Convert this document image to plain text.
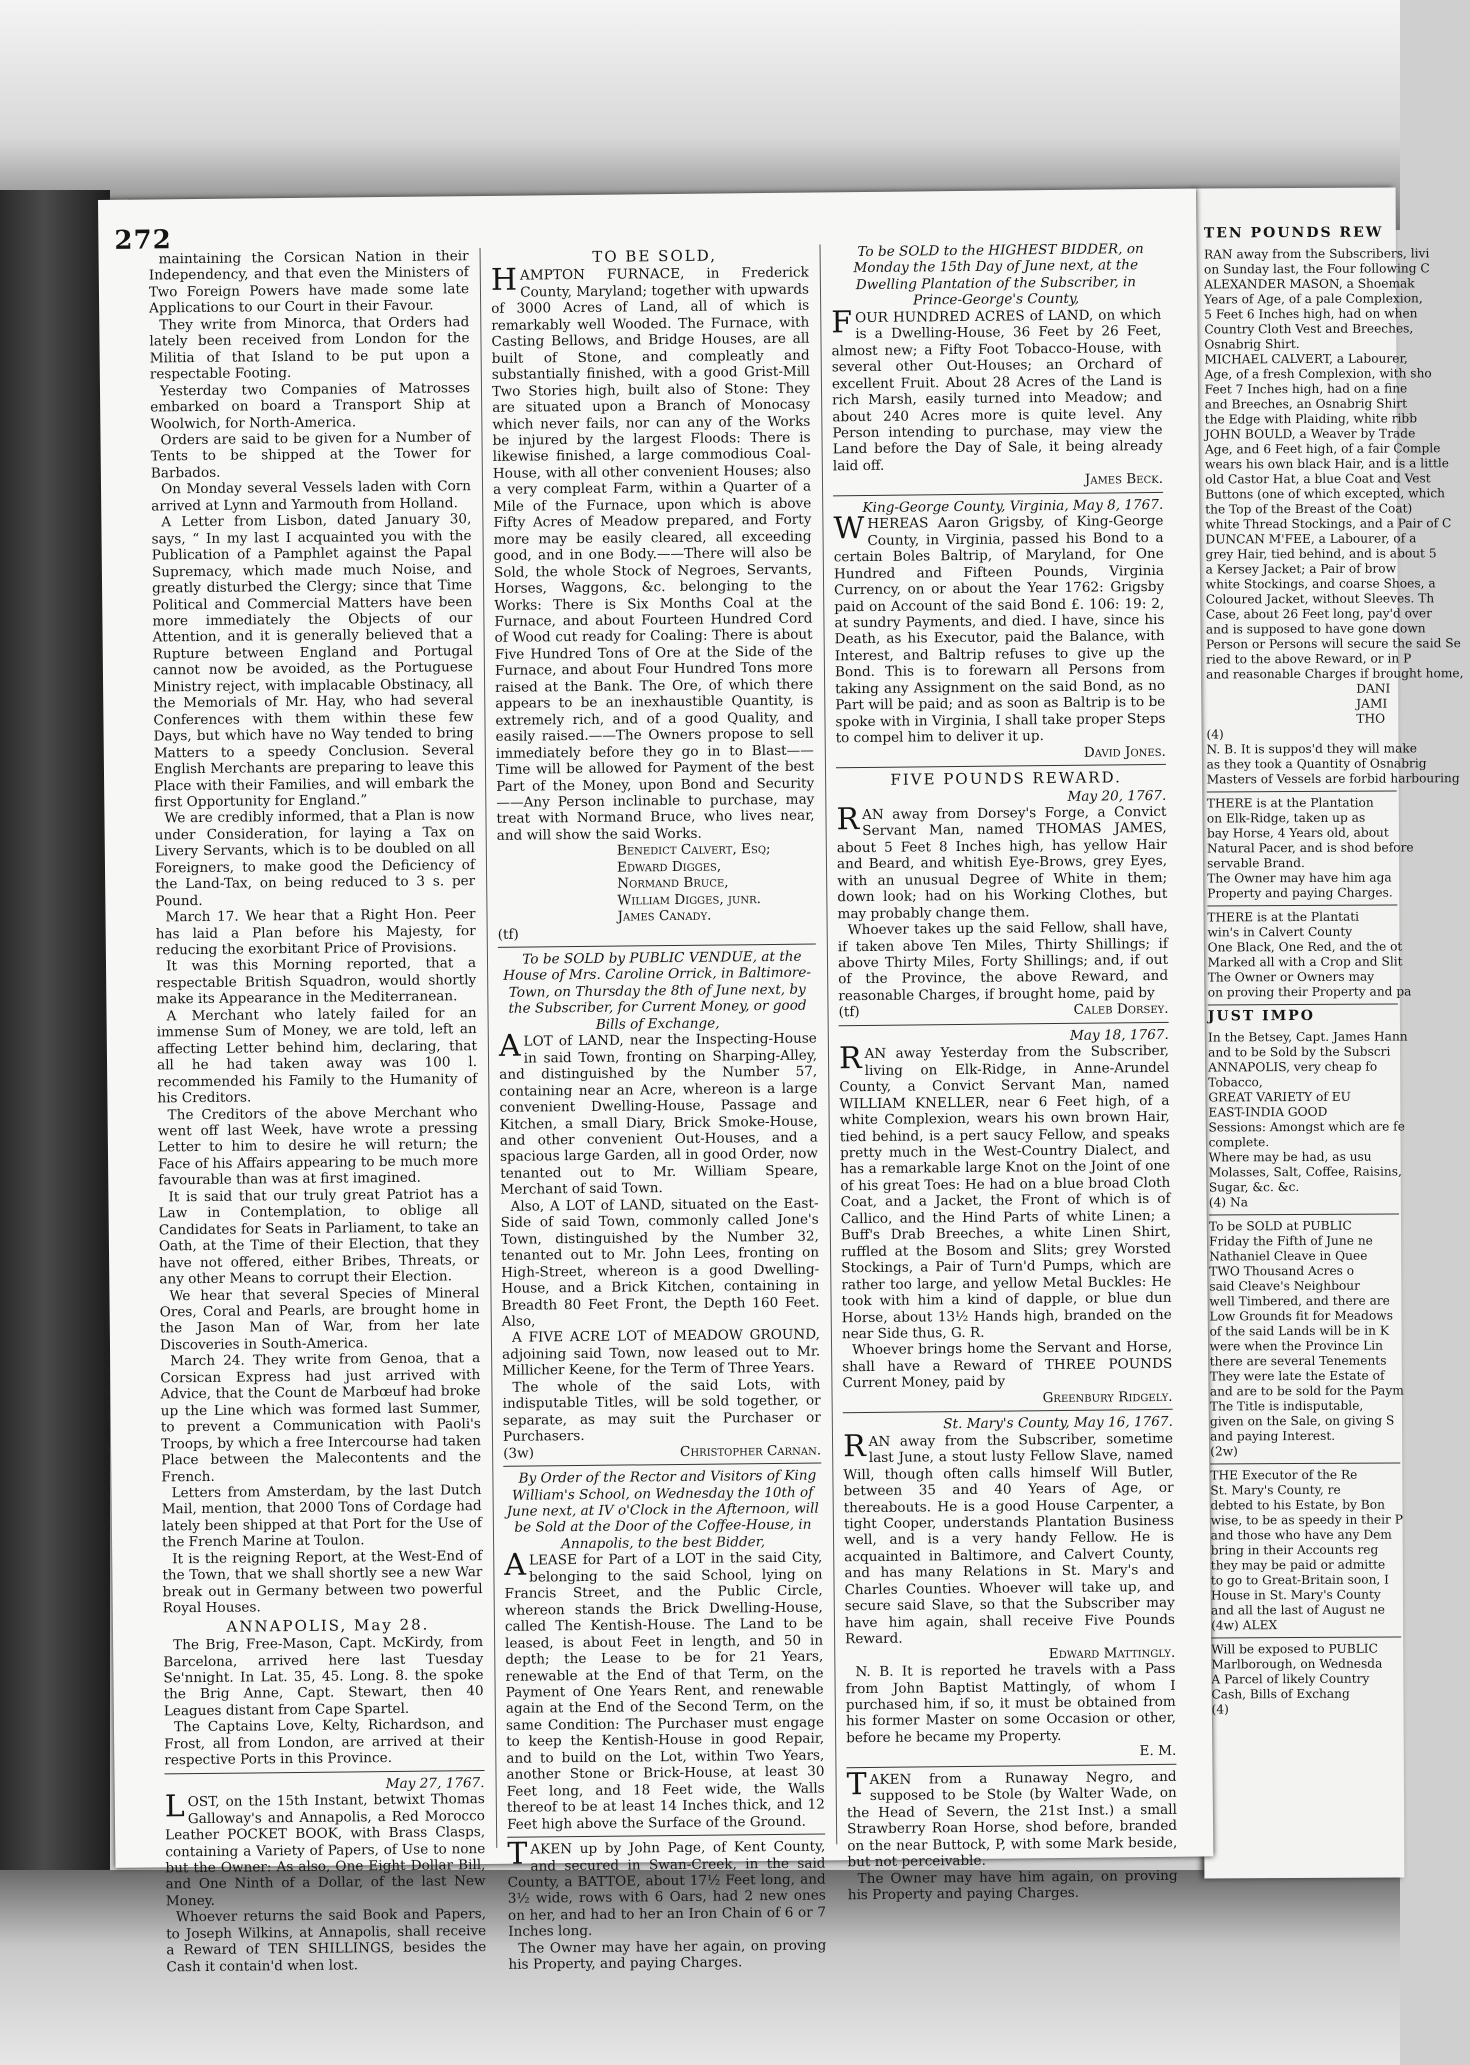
TEN POUNDS REW

RAN away from the Subscribers, livi

on Sunday last, the Four following C

ALEXANDER MASON, a Shoemak

Years of Age, of a pale Complexion,

5 Feet 6 Inches high, had on when

Country Cloth Vest and Breeches,

Osnabrig Shirt.

MICHAEL CALVERT, a Labourer,

Age, of a fresh Complexion, with sho

Feet 7 Inches high, had on a fine

and Breeches, an Osnabrig Shirt

the Edge with Plaiding, white ribb

JOHN BOULD, a Weaver by Trade

Age, and 6 Feet high, of a fair Comple

wears his own black Hair, and is a little

old Castor Hat, a blue Coat and Vest

Buttons (one of which excepted, which

the Top of the Breast of the Coat)

white Thread Stockings, and a Pair of C

DUNCAN M'FEE, a Labourer, of a

grey Hair, tied behind, and is about 5

a Kersey Jacket; a Pair of brow

white Stockings, and coarse Shoes, a

Coloured Jacket, without Sleeves. Th

Case, about 26 Feet long, pay'd over

and is supposed to have gone down

Person or Persons will secure the said Se

ried to the above Reward, or in P

and reasonable Charges if brought home,

DANI

JAMI

THO

(4)

N. B. It is suppos'd they will make

as they took a Quantity of Osnabrig

Masters of Vessels are forbid harbouring

THERE is at the Plantation

on Elk-Ridge, taken up as

bay Horse, 4 Years old, about

Natural Pacer, and is shod before

servable Brand.

The Owner may have him aga

Property and paying Charges.

THERE is at the Plantati

win's in Calvert County

One Black, One Red, and the ot

Marked all with a Crop and Slit

The Owner or Owners may

on proving their Property and pa

JUST IMPO

In the Betsey, Capt. James Hann

and to be Sold by the Subscri

ANNAPOLIS, very cheap fo

Tobacco,

GREAT VARIETY of EU

EAST-INDIA GOOD

Sessions: Amongst which are fe

complete.

Where may be had, as usu

Molasses, Salt, Coffee, Raisins,

Sugar, &c. &c.

(4) Na

To be SOLD at PUBLIC

Friday the Fifth of June ne

Nathaniel Cleave in Quee

TWO Thousand Acres o

said Cleave's Neighbour

well Timbered, and there are

Low Grounds fit for Meadows

of the said Lands will be in K

were when the Province Lin

there are several Tenements

They were late the Estate of

and are to be sold for the Paym

The Title is indisputable,

given on the Sale, on giving S

and paying Interest.

(2w)

THE Executor of the Re

St. Mary's County, re

debted to his Estate, by Bon

wise, to be as speedy in their P

and those who have any Dem

bring in their Accounts reg

they may be paid or admitte

to go to Great-Britain soon, I

House in St. Mary's County

and all the last of August ne

(4w) ALEX

Will be exposed to PUBLIC

Marlborough, on Wednesda

A Parcel of likely Country

Cash, Bills of Exchang

(4)

272

maintaining the Corsican Nation in their Independency, and that even the Ministers of Two Foreign Powers have made some late Applications to our Court in their Favour.

They write from Minorca, that Orders had lately been received from London for the Militia of that Island to be put upon a respectable Footing.

Yesterday two Companies of Matrosses embarked on board a Transport Ship at Woolwich, for North-America.

Orders are said to be given for a Number of Tents to be shipped at the Tower for Barbados.

On Monday several Vessels laden with Corn arrived at Lynn and Yarmouth from Holland.

A Letter from Lisbon, dated January 30, says, “ In my last I acquainted you with the Publication of a Pamphlet against the Papal Supremacy, which made much Noise, and greatly disturbed the Clergy; since that Time Political and Commercial Matters have been more immediately the Objects of our Attention, and it is generally believed that a Rupture between England and Portugal cannot now be avoided, as the Portuguese Ministry reject, with implacable Obstinacy, all the Memorials of Mr. Hay, who had several Conferences with them within these few Days, but which have no Way tended to bring Matters to a speedy Conclusion. Several English Merchants are preparing to leave this Place with their Families, and will embark the first Opportunity for England.”

We are credibly informed, that a Plan is now under Consideration, for laying a Tax on Livery Servants, which is to be doubled on all Foreigners, to make good the Deficiency of the Land-Tax, on being reduced to 3 s. per Pound.

March 17. We hear that a Right Hon. Peer has laid a Plan before his Majesty, for reducing the exorbitant Price of Provisions.

It was this Morning reported, that a respectable British Squadron, would shortly make its Appearance in the Mediterranean.

A Merchant who lately failed for an immense Sum of Money, we are told, left an affecting Letter behind him, declaring, that all he had taken away was 100 l. recommended his Family to the Humanity of his Creditors.

The Creditors of the above Merchant who went off last Week, have wrote a pressing Letter to him to desire he will return; the Face of his Affairs appearing to be much more favourable than was at first imagined.

It is said that our truly great Patriot has a Law in Contemplation, to oblige all Candidates for Seats in Parliament, to take an Oath, at the Time of their Election, that they have not offered, either Bribes, Threats, or any other Means to corrupt their Election.

We hear that several Species of Mineral Ores, Coral and Pearls, are brought home in the Jason Man of War, from her late Discoveries in South-America.

March 24. They write from Genoa, that a Corsican Express had just arrived with Advice, that the Count de Marbœuf had broke up the Line which was formed last Summer, to prevent a Communication with Paoli's Troops, by which a free Intercourse had taken Place between the Malecontents and the French.

Letters from Amsterdam, by the last Dutch Mail, mention, that 2000 Tons of Cordage had lately been shipped at that Port for the Use of the French Marine at Toulon.

It is the reigning Report, at the West-End of the Town, that we shall shortly see a new War break out in Germany between two powerful Royal Houses.

ANNAPOLIS, May 28.

The Brig, Free-Mason, Capt. McKirdy, from Barcelona, arrived here last Tuesday Se'nnight. In Lat. 35, 45. Long. 8. the spoke the Brig Anne, Capt. Stewart, then 40 Leagues distant from Cape Spartel.

The Captains Love, Kelty, Richardson, and Frost, all from London, are arrived at their respective Ports in this Province.

May 27, 1767.

LOST, on the 15th Instant, betwixt Thomas Galloway's and Annapolis, a Red Morocco Leather POCKET BOOK, with Brass Clasps, containing a Variety of Papers, of Use to none but the Owner: As also, One Eight Dollar Bill, and One Ninth of a Dollar, of the last New Money.

Whoever returns the said Book and Papers, to Joseph Wilkins, at Annapolis, shall receive a Reward of TEN SHILLINGS, besides the Cash it contain'd when lost.

TO BE SOLD,

HAMPTON FURNACE, in Frederick County, Maryland; together with upwards of 3000 Acres of Land, all of which is remarkably well Wooded. The Furnace, with Casting Bellows, and Bridge Houses, are all built of Stone, and compleatly and substantially finished, with a good Grist-Mill Two Stories high, built also of Stone: They are situated upon a Branch of Monocasy which never fails, nor can any of the Works be injured by the largest Floods: There is likewise finished, a large commodious Coal-House, with all other convenient Houses; also a very compleat Farm, within a Quarter of a Mile of the Furnace, upon which is above Fifty Acres of Meadow prepared, and Forty more may be easily cleared, all exceeding good, and in one Body.——There will also be Sold, the whole Stock of Negroes, Servants, Horses, Waggons, &c. belonging to the Works: There is Six Months Coal at the Furnace, and about Fourteen Hundred Cord of Wood cut ready for Coaling: There is about Five Hundred Tons of Ore at the Side of the Furnace, and about Four Hundred Tons more raised at the Bank. The Ore, of which there appears to be an inexhaustible Quantity, is extremely rich, and of a good Quality, and easily raised.——The Owners propose to sell immediately before they go in to Blast——Time will be allowed for Payment of the best Part of the Money, upon Bond and Security——Any Person inclinable to purchase, may treat with Normand Bruce, who lives near, and will show the said Works.

Benedict Calvert, Esq;

Edward Digges,

Normand Bruce,

William Digges, junr.

James Canady.

(tf)

To be SOLD by PUBLIC VENDUE, at the House of Mrs. Caroline Orrick, in Baltimore-Town, on Thursday the 8th of June next, by the Subscriber, for Current Money, or good Bills of Exchange,

ALOT of LAND, near the Inspecting-House in said Town, fronting on Sharping-Alley, and distinguished by the Number 57, containing near an Acre, whereon is a large convenient Dwelling-House, Passage and Kitchen, a small Diary, Brick Smoke-House, and other convenient Out-Houses, and a spacious large Garden, all in good Order, now tenanted out to Mr. William Speare, Merchant of said Town.

Also, A LOT of LAND, situated on the East-Side of said Town, commonly called Jone's Town, distinguished by the Number 32, tenanted out to Mr. John Lees, fronting on High-Street, whereon is a good Dwelling-House, and a Brick Kitchen, containing in Breadth 80 Feet Front, the Depth 160 Feet. Also,

A FIVE ACRE LOT of MEADOW GROUND, adjoining said Town, now leased out to Mr. Millicher Keene, for the Term of Three Years.

The whole of the said Lots, with indisputable Titles, will be sold together, or separate, as may suit the Purchaser or Purchasers.

(3w)	Christopher Carnan.

By Order of the Rector and Visitors of King William's School, on Wednesday the 10th of June next, at IV o'Clock in the Afternoon, will be Sold at the Door of the Coffee-House, in Annapolis, to the best Bidder,

ALEASE for Part of a LOT in the said City, belonging to the said School, lying on Francis Street, and the Public Circle, whereon stands the Brick Dwelling-House, called The Kentish-House. The Land to be leased, is about Feet in length, and 50 in depth; the Lease to be for 21 Years, renewable at the End of that Term, on the Payment of One Years Rent, and renewable again at the End of the Second Term, on the same Condition: The Purchaser must engage to keep the Kentish-House in good Repair, and to build on the Lot, within Two Years, another Stone or Brick-House, at least 30 Feet long, and 18 Feet wide, the Walls thereof to be at least 14 Inches thick, and 12 Feet high above the Surface of the Ground.

TAKEN up by John Page, of Kent County, and secured in Swan-Creek, in the said County, a BATTOE, about 17½ Feet long, and 3½ wide, rows with 6 Oars, had 2 new ones on her, and had to her an Iron Chain of 6 or 7 Inches long.

The Owner may have her again, on proving his Property, and paying Charges.

To be SOLD to the HIGHEST BIDDER, on Monday the 15th Day of June next, at the Dwelling Plantation of the Subscriber, in Prince-George's County,

FOUR HUNDRED ACRES of LAND, on which is a Dwelling-House, 36 Feet by 26 Feet, almost new; a Fifty Foot Tobacco-House, with several other Out-Houses; an Orchard of excellent Fruit. About 28 Acres of the Land is rich Marsh, easily turned into Meadow; and about 240 Acres more is quite level. Any Person intending to purchase, may view the Land before the Day of Sale, it being already laid off.

James Beck.

King-George County, Virginia, May 8, 1767.

WHEREAS Aaron Grigsby, of King-George County, in Virginia, passed his Bond to a certain Boles Baltrip, of Maryland, for One Hundred and Fifteen Pounds, Virginia Currency, on or about the Year 1762: Grigsby paid on Account of the said Bond £. 106: 19: 2, at sundry Payments, and died. I have, since his Death, as his Executor, paid the Balance, with Interest, and Baltrip refuses to give up the Bond. This is to forewarn all Persons from taking any Assignment on the said Bond, as no Part will be paid; and as soon as Baltrip is to be spoke with in Virginia, I shall take proper Steps to compel him to deliver it up.

David Jones.

FIVE POUNDS REWARD.

May 20, 1767.

RAN away from Dorsey's Forge, a Convict Servant Man, named THOMAS JAMES, about 5 Feet 8 Inches high, has yellow Hair and Beard, and whitish Eye-Brows, grey Eyes, with an unusual Degree of White in them; down look; had on his Working Clothes, but may probably change them.

Whoever takes up the said Fellow, shall have, if taken above Ten Miles, Thirty Shillings; if above Thirty Miles, Forty Shillings; and, if out of the Province, the above Reward, and reasonable Charges, if brought home, paid by

(tf)	Caleb Dorsey.

May 18, 1767.

RAN away Yesterday from the Subscriber, living on Elk-Ridge, in Anne-Arundel County, a Convict Servant Man, named WILLIAM KNELLER, near 6 Feet high, of a white Complexion, wears his own brown Hair, tied behind, is a pert saucy Fellow, and speaks pretty much in the West-Country Dialect, and has a remarkable large Knot on the Joint of one of his great Toes: He had on a blue broad Cloth Coat, and a Jacket, the Front of which is of Callico, and the Hind Parts of white Linen; a Buff's Drab Breeches, a white Linen Shirt, ruffled at the Bosom and Slits; grey Worsted Stockings, a Pair of Turn'd Pumps, which are rather too large, and yellow Metal Buckles: He took with him a kind of dapple, or blue dun Horse, about 13½ Hands high, branded on the near Side thus, G. R.

Whoever brings home the Servant and Horse, shall have a Reward of THREE POUNDS Current Money, paid by

Greenbury Ridgely.

St. Mary's County, May 16, 1767.

RAN away from the Subscriber, sometime last June, a stout lusty Fellow Slave, named Will, though often calls himself Will Butler, between 35 and 40 Years of Age, or thereabouts. He is a good House Carpenter, a tight Cooper, understands Plantation Business well, and is a very handy Fellow. He is acquainted in Baltimore, and Calvert County, and has many Relations in St. Mary's and Charles Counties. Whoever will take up, and secure said Slave, so that the Subscriber may have him again, shall receive Five Pounds Reward.

Edward Mattingly.

N. B. It is reported he travels with a Pass from John Baptist Mattingly, of whom I purchased him, if so, it must be obtained from his former Master on some Occasion or other, before he became my Property.

E. M.

TAKEN from a Runaway Negro, and supposed to be Stole (by Walter Wade, on the Head of Severn, the 21st Inst.) a small Strawberry Roan Horse, shod before, branded on the near Buttock, P, with some Mark beside, but not perceivable.

The Owner may have him again, on proving his Property and paying Charges.
